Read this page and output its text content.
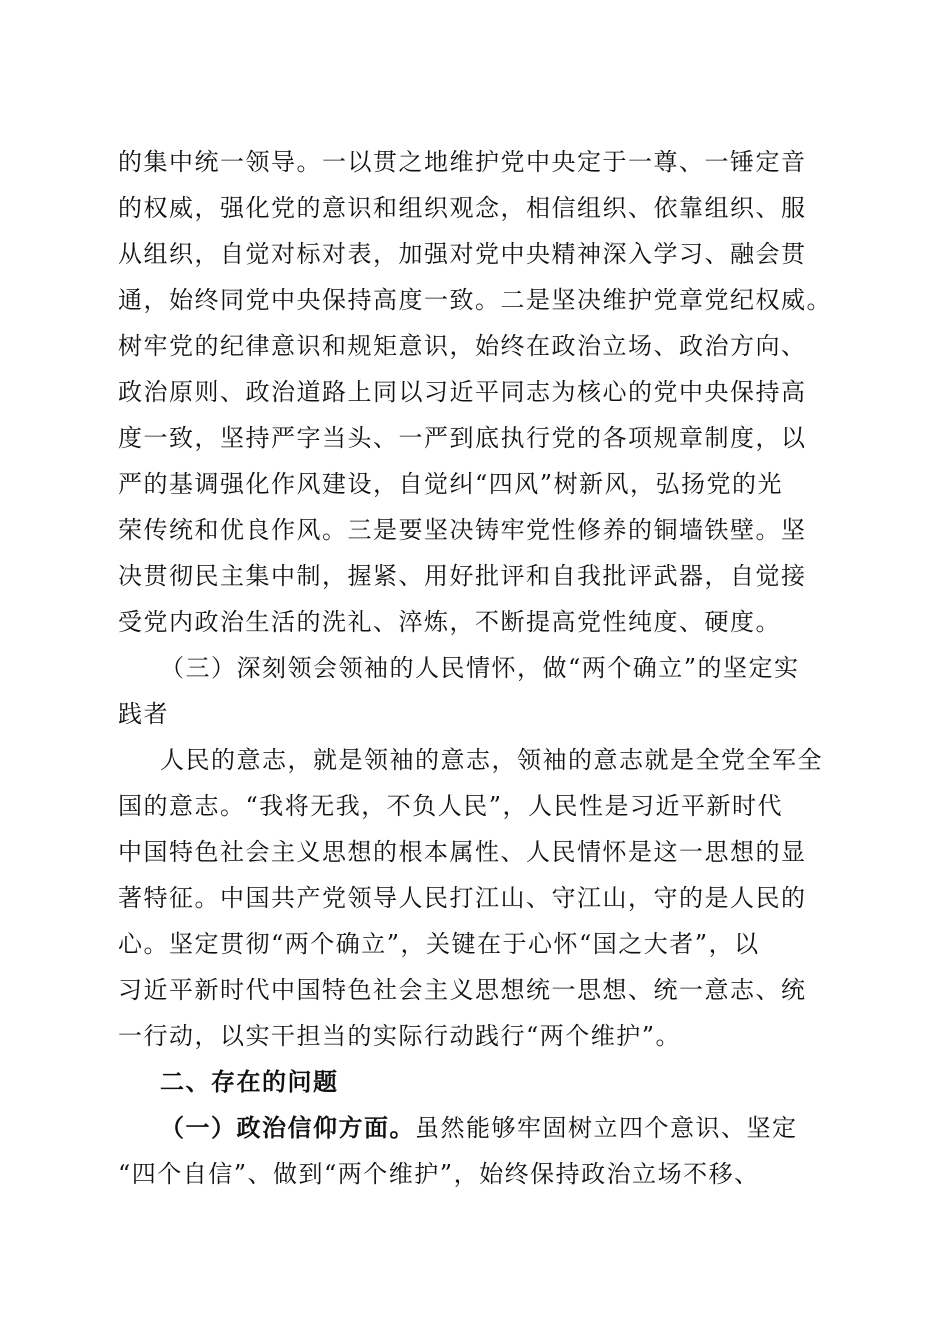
的集中统一领导。一以贯之地维护党中央定于一尊、一锤定音
的权威，强化党的意识和组织观念，相信组织、依靠组织、服
从组织，自觉对标对表，加强对党中央精神深入学习、融会贯
通，始终同党中央保持高度一致。二是坚决维护党章党纪权威。
树牢党的纪律意识和规矩意识，始终在政治立场、政治方向、
政治原则、政治道路上同以习近平同志为核心的党中央保持高
度一致，坚持严字当头、一严到底执行党的各项规章制度，以
严的基调强化作风建设，自觉纠“四风”树新风，弘扬党的光
荣传统和优良作风。三是要坚决铸牢党性修养的铜墙铁壁。坚
决贯彻民主集中制，握紧、用好批评和自我批评武器，自觉接
受党内政治生活的洗礼、淬炼，不断提高党性纯度、硬度。
（三）深刻领会领袖的人民情怀，做“两个确立”的坚定实
践者
人民的意志，就是领袖的意志，领袖的意志就是全党全军全
国的意志。“我将无我，不负人民”，人民性是习近平新时代
中国特色社会主义思想的根本属性、人民情怀是这一思想的显
著特征。中国共产党领导人民打江山、守江山，守的是人民的
心。坚定贯彻“两个确立”，关键在于心怀“国之大者”，以
习近平新时代中国特色社会主义思想统一思想、统一意志、统
一行动，以实干担当的实际行动践行“两个维护”。
二、存在的问题
（一）政治信仰方面。虽然能够牢固树立四个意识、坚定
“四个自信”、做到“两个维护”，始终保持政治立场不移、
